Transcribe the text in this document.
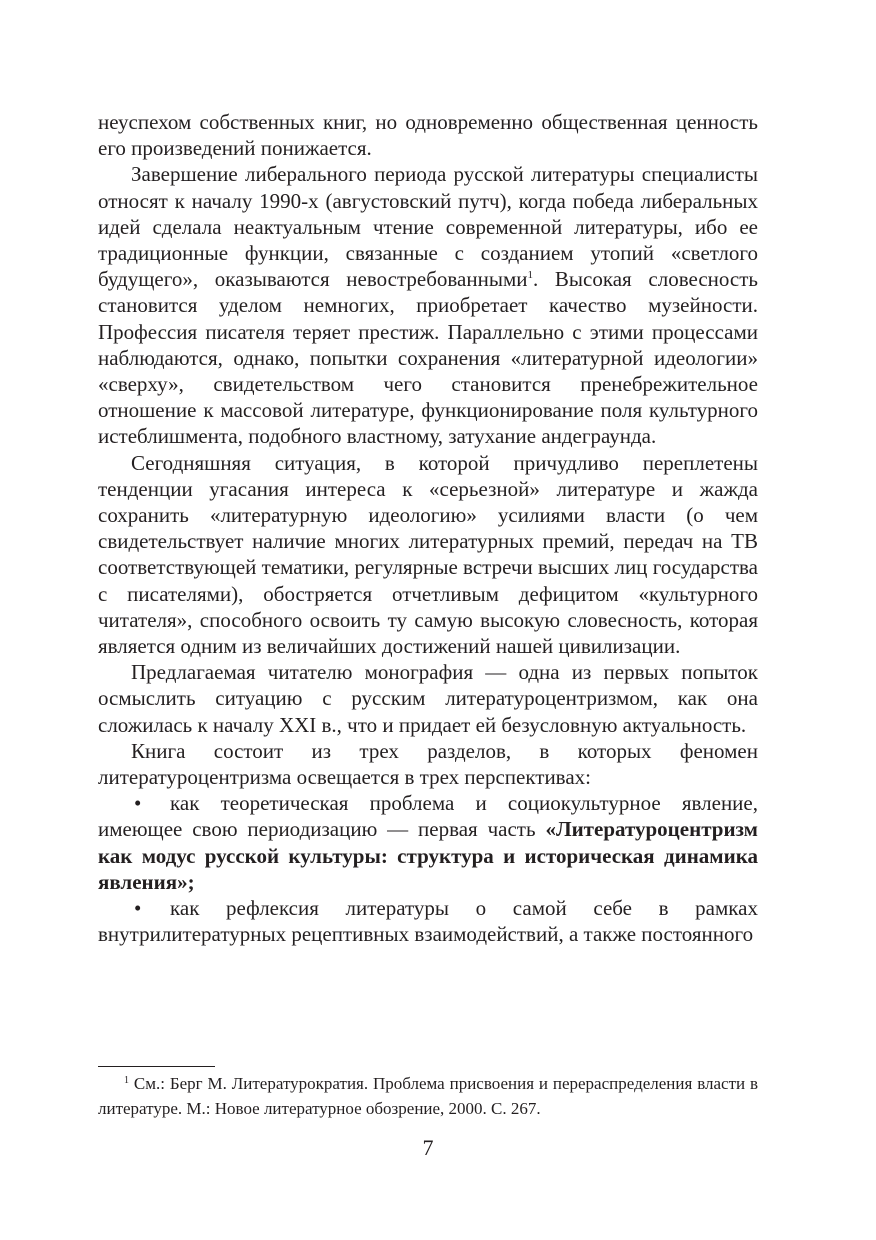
неуспехом собственных книг, но одновременно общественная ценность его произведений понижается.

Завершение либерального периода русской литературы специалисты относят к началу 1990-х (августовский путч), когда победа либеральных идей сделала неактуальным чтение современной литературы, ибо ее традиционные функции, связанные с созданием утопий «светлого будущего», оказываются невостребованными$^1$. Высокая словесность становится уделом немногих, приобретает качество музейности. Профессия писателя теряет престиж. Параллельно с этими процессами наблюдаются, однако, попытки сохранения «литературной идеологии» «сверху», свидетельством чего становится пренебрежительное отношение к массовой литературе, функционирование поля культурного истеблишмента, подобного властному, затухание андеграунда.

Сегодняшняя ситуация, в которой причудливо переплетены тенденции угасания интереса к «серьезной» литературе и жажда сохранить «литературную идеологию» усилиями власти (о чем свидетельствует наличие многих литературных премий, передач на ТВ соответствующей тематики, регулярные встречи высших лиц государства с писателями), обостряется отчетливым дефицитом «культурного читателя», способного освоить ту самую высокую словесность, которая является одним из величайших достижений нашей цивилизации.

Предлагаемая читателю монография — одна из первых попыток осмыслить ситуацию с русским литературоцентризмом, как она сложилась к началу XXI в., что и придает ей безусловную актуальность.

Книга состоит из трех разделов, в которых феномен литературоцентризма освещается в трех перспективах:

• как теоретическая проблема и социокультурное явление, имеющее свою периодизацию — первая часть «Литературоцентризм как модус русской культуры: структура и историческая динамика явления»;

• как рефлексия литературы о самой себе в рамках внутрилитературных рецептивных взаимодействий, а также постоянного

$^1$ См.: Берг М. Литературократия. Проблема присвоения и перераспределения власти в литературе. М.: Новое литературное обозрение, 2000. С. 267.
7
